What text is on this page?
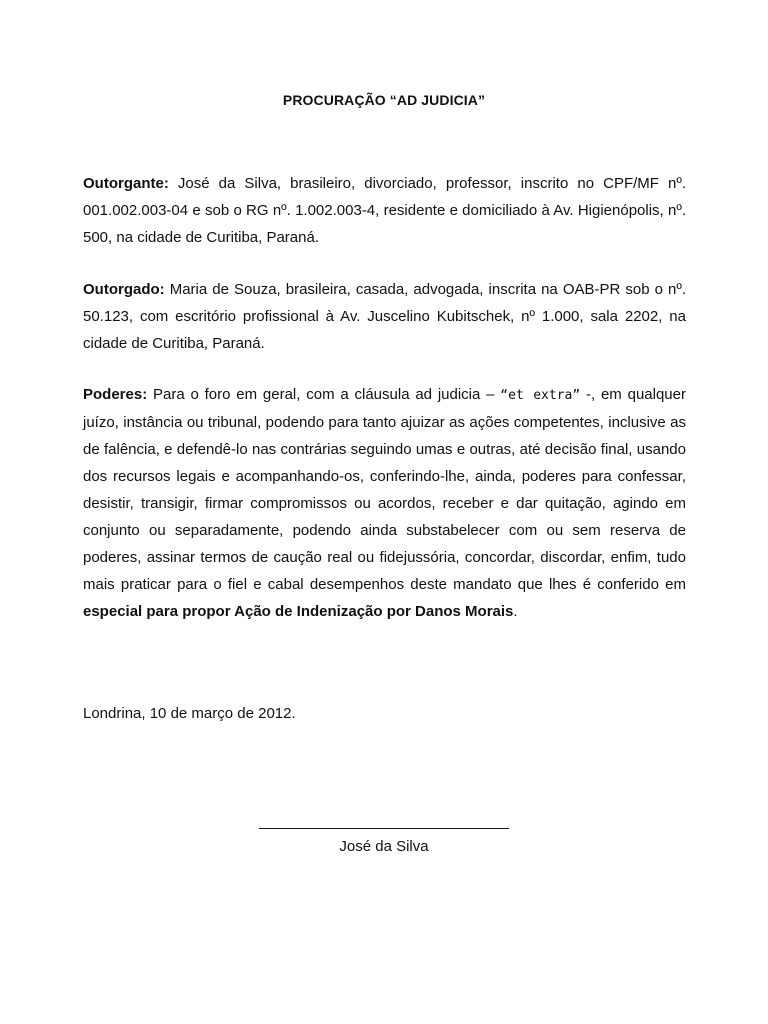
PROCURAÇÃO “AD JUDICIA”
Outorgante: José da Silva, brasileiro, divorciado, professor, inscrito no CPF/MF nº. 001.002.003-04 e sob o RG nº. 1.002.003-4, residente e domiciliado à Av. Higienópolis, nº. 500, na cidade de Curitiba, Paraná.
Outorgado: Maria de Souza, brasileira, casada, advogada, inscrita na OAB-PR sob o nº. 50.123, com escritório profissional à Av. Juscelino Kubitschek, nº 1.000, sala 2202, na cidade de Curitiba, Paraná.
Poderes: Para o foro em geral, com a cláusula ad judicia – “et extra” -, em qualquer juízo, instância ou tribunal, podendo para tanto ajuizar as ações competentes, inclusive as de falência, e defendê-lo nas contrárias seguindo umas e outras, até decisão final, usando dos recursos legais e acompanhando-os, conferindo-lhe, ainda, poderes para confessar, desistir, transigir, firmar compromissos ou acordos, receber e dar quitação, agindo em conjunto ou separadamente, podendo ainda substabelecer com ou sem reserva de poderes, assinar termos de caução real ou fidejussória, concordar, discordar, enfim, tudo mais praticar para o fiel e cabal desempenhos deste mandato que lhes é conferido em especial para propor Ação de Indenização por Danos Morais.
Londrina, 10 de março de 2012.
José da Silva
